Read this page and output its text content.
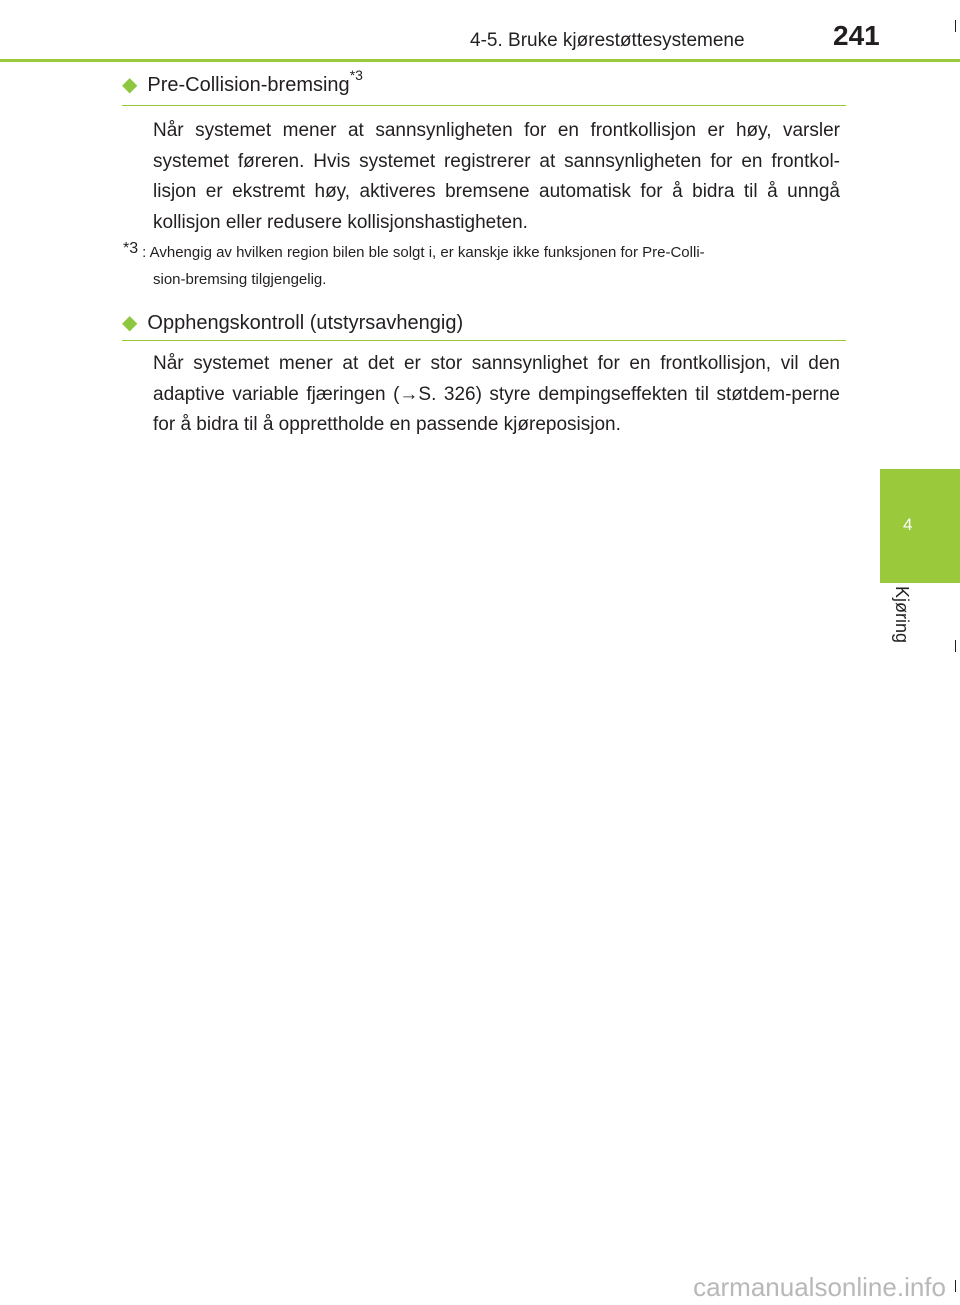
4-5. Bruke kjørestøttesystemene	241
4
Kjøring
◆ Pre-Collision-bremsing$^{*3}$

Når systemet mener at sannsynligheten for en frontkollisjon er høy, varsler systemet føreren. Hvis systemet registrerer at sannsynligheten for en frontkol-lisjon er ekstremt høy, aktiveres bremsene automatisk for å bidra til å unngå kollisjon eller redusere kollisjonshastigheten.

*3 : Avhengig av hvilken region bilen ble solgt i, er kanskje ikke funksjonen for Pre-Colli-
sion-bremsing tilgjengelig.
◆ Opphengskontroll (utstyrsavhengig)

Når systemet mener at det er stor sannsynlighet for en frontkollisjon, vil den adaptive variable fjæringen (→S. 326) styre dempingseffekten til støtdem-perne for å bidra til å opprettholde en passende kjøreposisjon.

carmanualsonline.info
